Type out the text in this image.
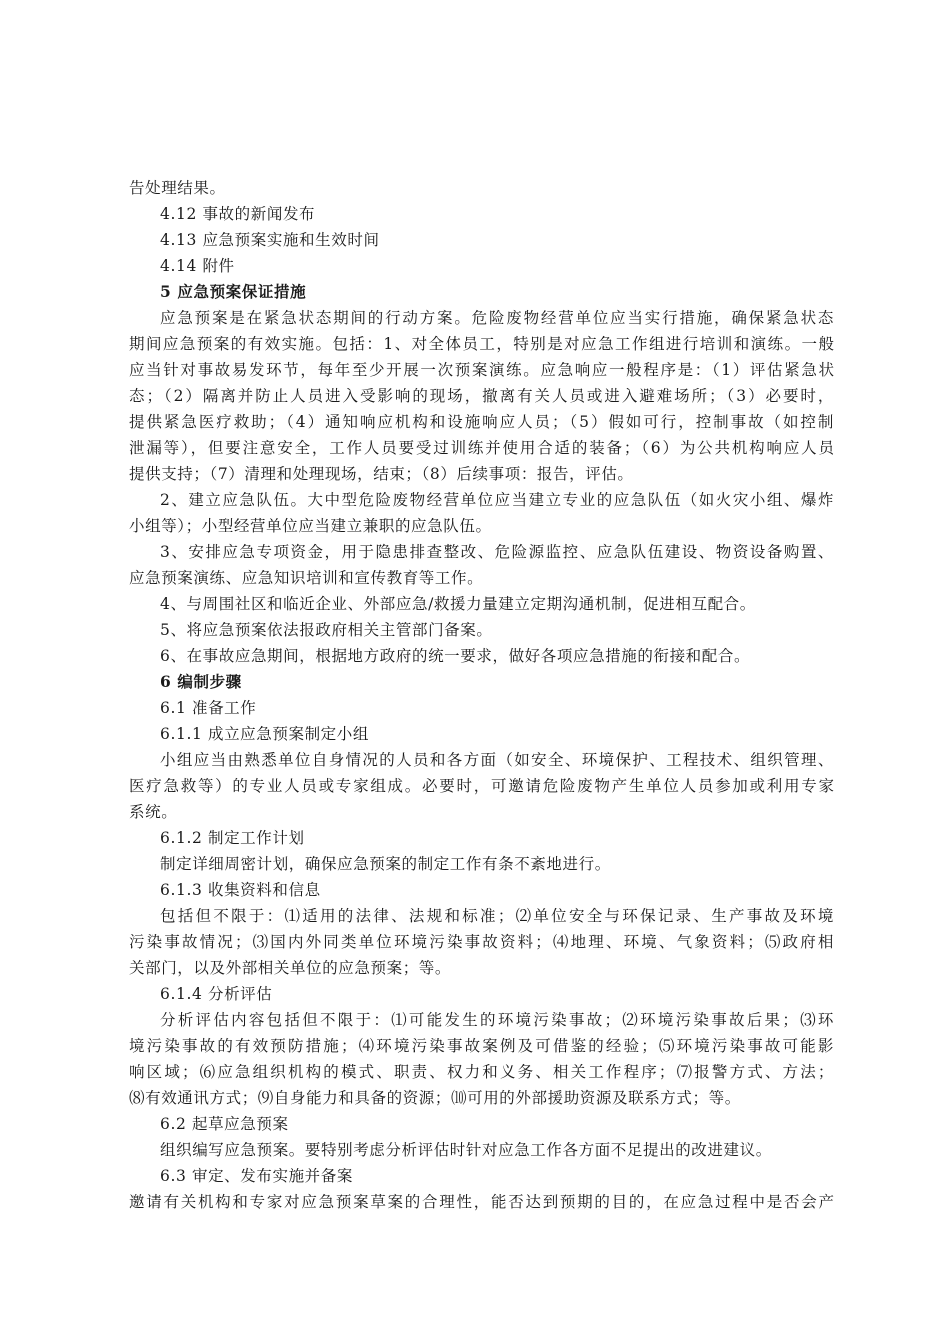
告处理结果。
4.12 事故的新闻发布
4.13 应急预案实施和生效时间
4.14 附件
5 应急预案保证措施
应急预案是在紧急状态期间的行动方案。危险废物经营单位应当实行措施，确保紧急状态
期间应急预案的有效实施。包括：1、对全体员工，特别是对应急工作组进行培训和演练。一般
应当针对事故易发环节，每年至少开展一次预案演练。应急响应一般程序是：（1）评估紧急状
态；（2）隔离并防止人员进入受影响的现场，撤离有关人员或进入避难场所；（3）必要时，
提供紧急医疗救助；（4）通知响应机构和设施响应人员；（5）假如可行，控制事故（如控制
泄漏等），但要注意安全，工作人员要受过训练并使用合适的装备；（6）为公共机构响应人员
提供支持；（7）清理和处理现场，结束；（8）后续事项：报告，评估。
2、建立应急队伍。大中型危险废物经营单位应当建立专业的应急队伍（如火灾小组、爆炸
小组等）；小型经营单位应当建立兼职的应急队伍。
3、安排应急专项资金，用于隐患排查整改、危险源监控、应急队伍建设、物资设备购置、
应急预案演练、应急知识培训和宣传教育等工作。
4、与周围社区和临近企业、外部应急/救援力量建立定期沟通机制，促进相互配合。
5、将应急预案依法报政府相关主管部门备案。
6、在事故应急期间，根据地方政府的统一要求，做好各项应急措施的衔接和配合。
6 编制步骤
6.1 准备工作
6.1.1 成立应急预案制定小组
小组应当由熟悉单位自身情况的人员和各方面（如安全、环境保护、工程技术、组织管理、
医疗急救等）的专业人员或专家组成。必要时，可邀请危险废物产生单位人员参加或利用专家
系统。
6.1.2 制定工作计划
制定详细周密计划，确保应急预案的制定工作有条不紊地进行。
6.1.3 收集资料和信息
包括但不限于：⑴适用的法律、法规和标准；⑵单位安全与环保记录、生产事故及环境
污染事故情况；⑶国内外同类单位环境污染事故资料；⑷地理、环境、气象资料；⑸政府相
关部门，以及外部相关单位的应急预案；等。
6.1.4 分析评估
分析评估内容包括但不限于：⑴可能发生的环境污染事故；⑵环境污染事故后果；⑶环
境污染事故的有效预防措施；⑷环境污染事故案例及可借鉴的经验；⑸环境污染事故可能影
响区域；⑹应急组织机构的模式、职责、权力和义务、相关工作程序；⑺报警方式、方法；
⑻有效通讯方式；⑼自身能力和具备的资源；⑽可用的外部援助资源及联系方式；等。
6.2 起草应急预案
组织编写应急预案。要特别考虑分析评估时针对应急工作各方面不足提出的改进建议。
6.3 审定、发布实施并备案
邀请有关机构和专家对应急预案草案的合理性，能否达到预期的目的，在应急过程中是否会产
